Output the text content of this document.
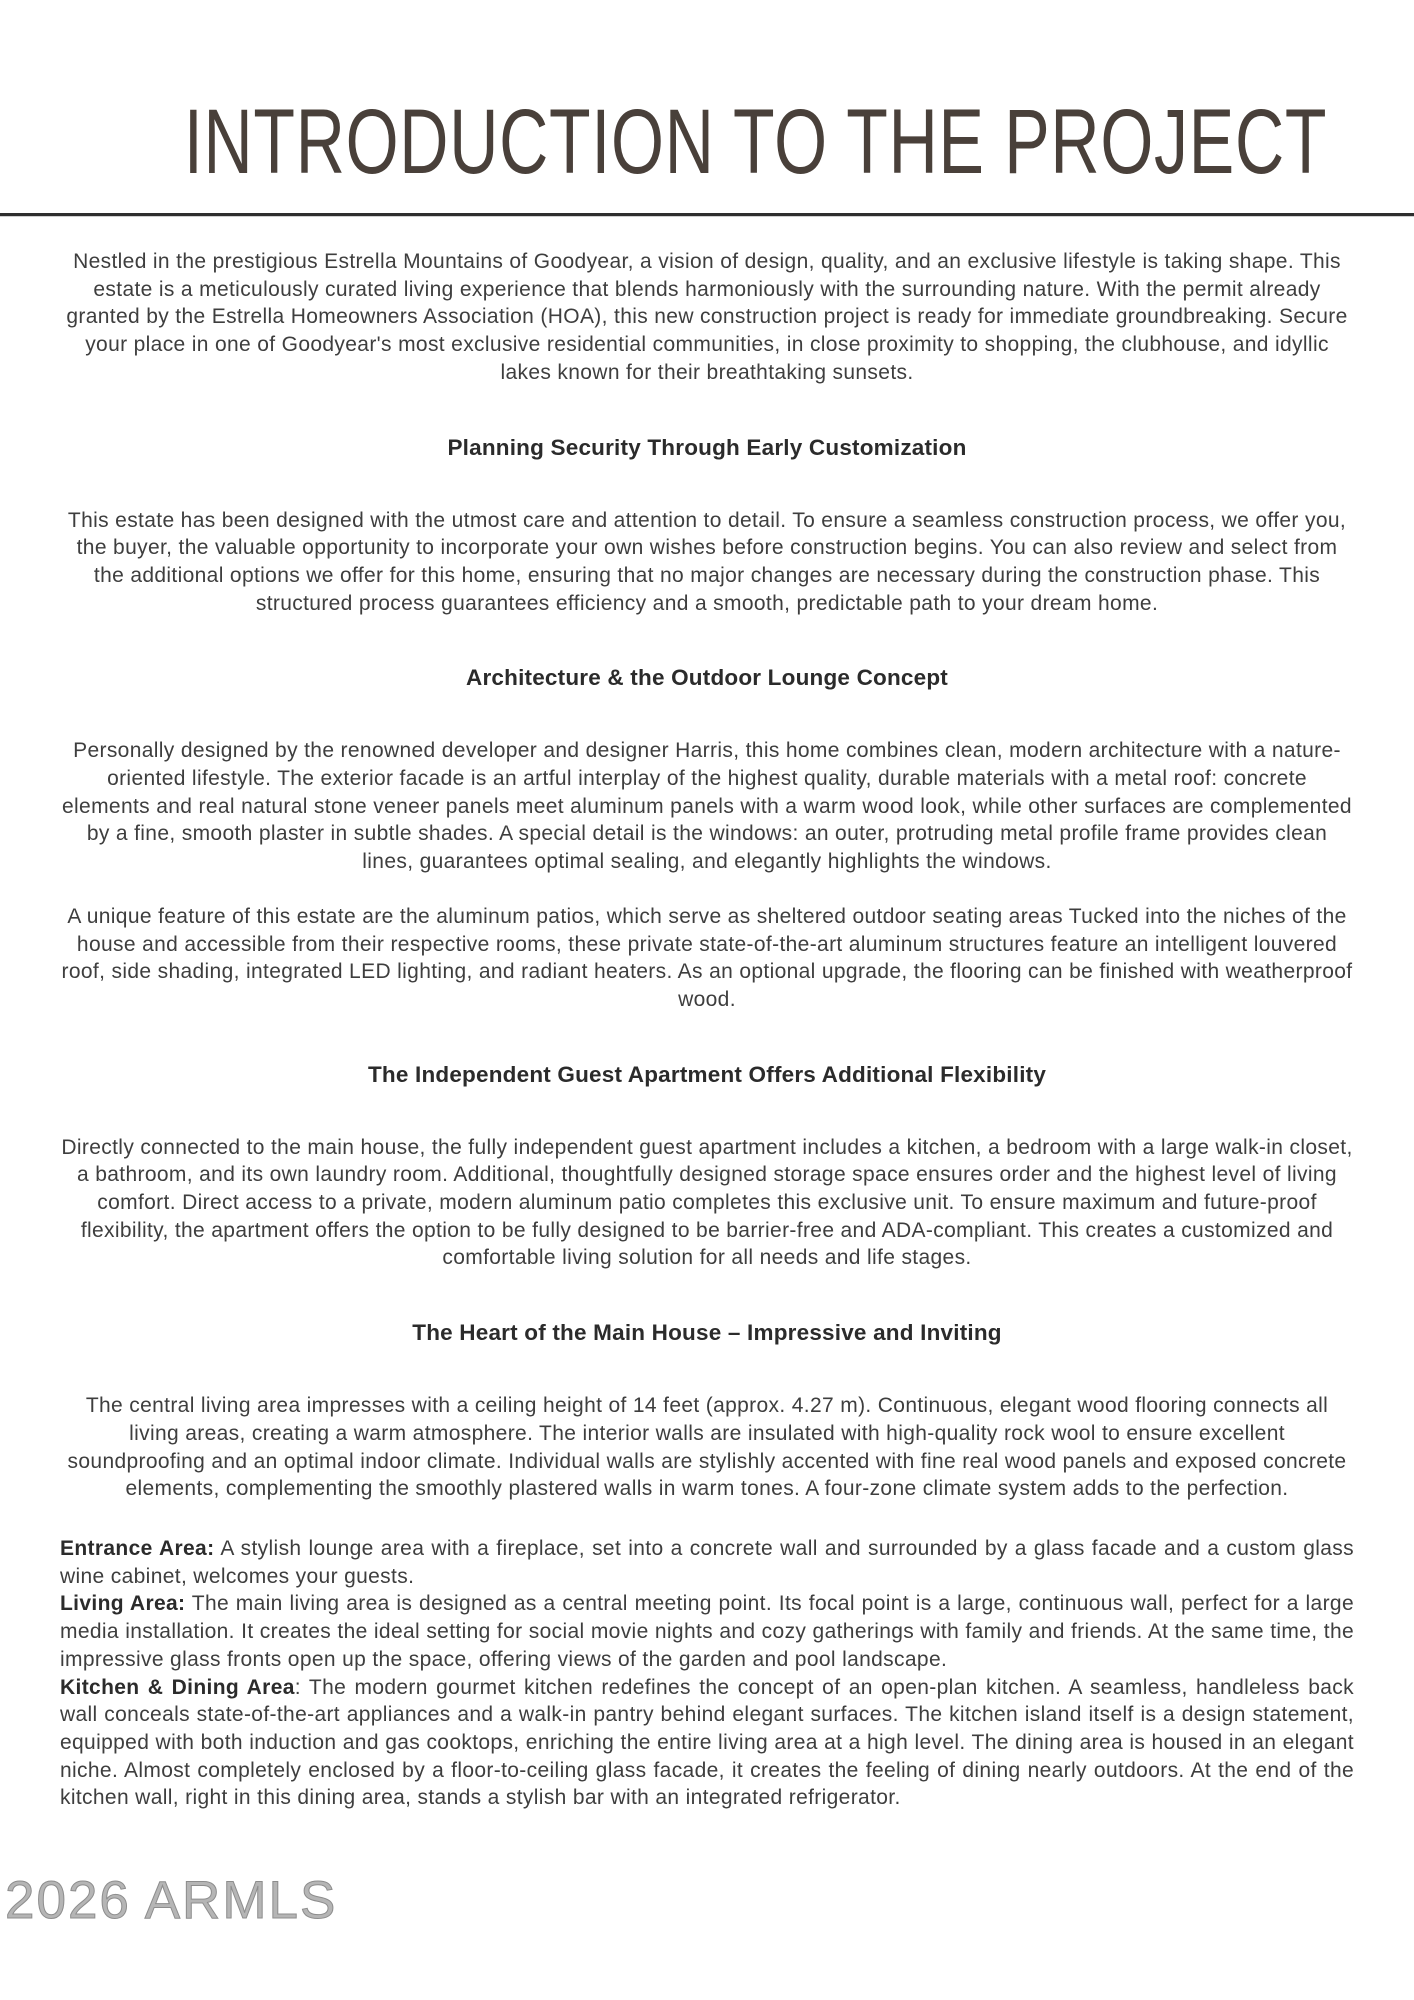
INTRODUCTION TO THE PROJECT

Nestled in the prestigious Estrella Mountains of Goodyear, a vision of design, quality, and an exclusive lifestyle is taking shape. This estate is a meticulously curated living experience that blends harmoniously with the surrounding nature. With the permit already granted by the Estrella Homeowners Association (HOA), this new construction project is ready for immediate groundbreaking. Secure your place in one of Goodyear's most exclusive residential communities, in close proximity to shopping, the clubhouse, and idyllic lakes known for their breathtaking sunsets.

Planning Security Through Early Customization

This estate has been designed with the utmost care and attention to detail. To ensure a seamless construction process, we offer you, the buyer, the valuable opportunity to incorporate your own wishes before construction begins. You can also review and select from the additional options we offer for this home, ensuring that no major changes are necessary during the construction phase. This structured process guarantees efficiency and a smooth, predictable path to your dream home.

Architecture & the Outdoor Lounge Concept

Personally designed by the renowned developer and designer Harris, this home combines clean, modern architecture with a nature-oriented lifestyle. The exterior facade is an artful interplay of the highest quality, durable materials with a metal roof: concrete elements and real natural stone veneer panels meet aluminum panels with a warm wood look, while other surfaces are complemented by a fine, smooth plaster in subtle shades. A special detail is the windows: an outer, protruding metal profile frame provides clean lines, guarantees optimal sealing, and elegantly highlights the windows.

A unique feature of this estate are the aluminum patios, which serve as sheltered outdoor seating areas Tucked into the niches of the house and accessible from their respective rooms, these private state-of-the-art aluminum structures feature an intelligent louvered roof, side shading, integrated LED lighting, and radiant heaters. As an optional upgrade, the flooring can be finished with weatherproof wood.

The Independent Guest Apartment Offers Additional Flexibility

Directly connected to the main house, the fully independent guest apartment includes a kitchen, a bedroom with a large walk-in closet, a bathroom, and its own laundry room. Additional, thoughtfully designed storage space ensures order and the highest level of living comfort. Direct access to a private, modern aluminum patio completes this exclusive unit. To ensure maximum and future-proof flexibility, the apartment offers the option to be fully designed to be barrier-free and ADA-compliant. This creates a customized and comfortable living solution for all needs and life stages.

The Heart of the Main House – Impressive and Inviting

The central living area impresses with a ceiling height of 14 feet (approx. 4.27 m). Continuous, elegant wood flooring connects all living areas, creating a warm atmosphere. The interior walls are insulated with high-quality rock wool to ensure excellent soundproofing and an optimal indoor climate. Individual walls are stylishly accented with fine real wood panels and exposed concrete elements, complementing the smoothly plastered walls in warm tones. A four-zone climate system adds to the perfection.

Entrance Area: A stylish lounge area with a fireplace, set into a concrete wall and surrounded by a glass facade and a custom glass wine cabinet, welcomes your guests.

Living Area: The main living area is designed as a central meeting point. Its focal point is a large, continuous wall, perfect for a large media installation. It creates the ideal setting for social movie nights and cozy gatherings with family and friends. At the same time, the impressive glass fronts open up the space, offering views of the garden and pool landscape.

Kitchen & Dining Area: The modern gourmet kitchen redefines the concept of an open-plan kitchen. A seamless, handleless back wall conceals state-of-the-art appliances and a walk-in pantry behind elegant surfaces. The kitchen island itself is a design statement, equipped with both induction and gas cooktops, enriching the entire living area at a high level. The dining area is housed in an elegant niche. Almost completely enclosed by a floor-to-ceiling glass facade, it creates the feeling of dining nearly outdoors. At the end of the kitchen wall, right in this dining area, stands a stylish bar with an integrated refrigerator.

2026 ARMLS
